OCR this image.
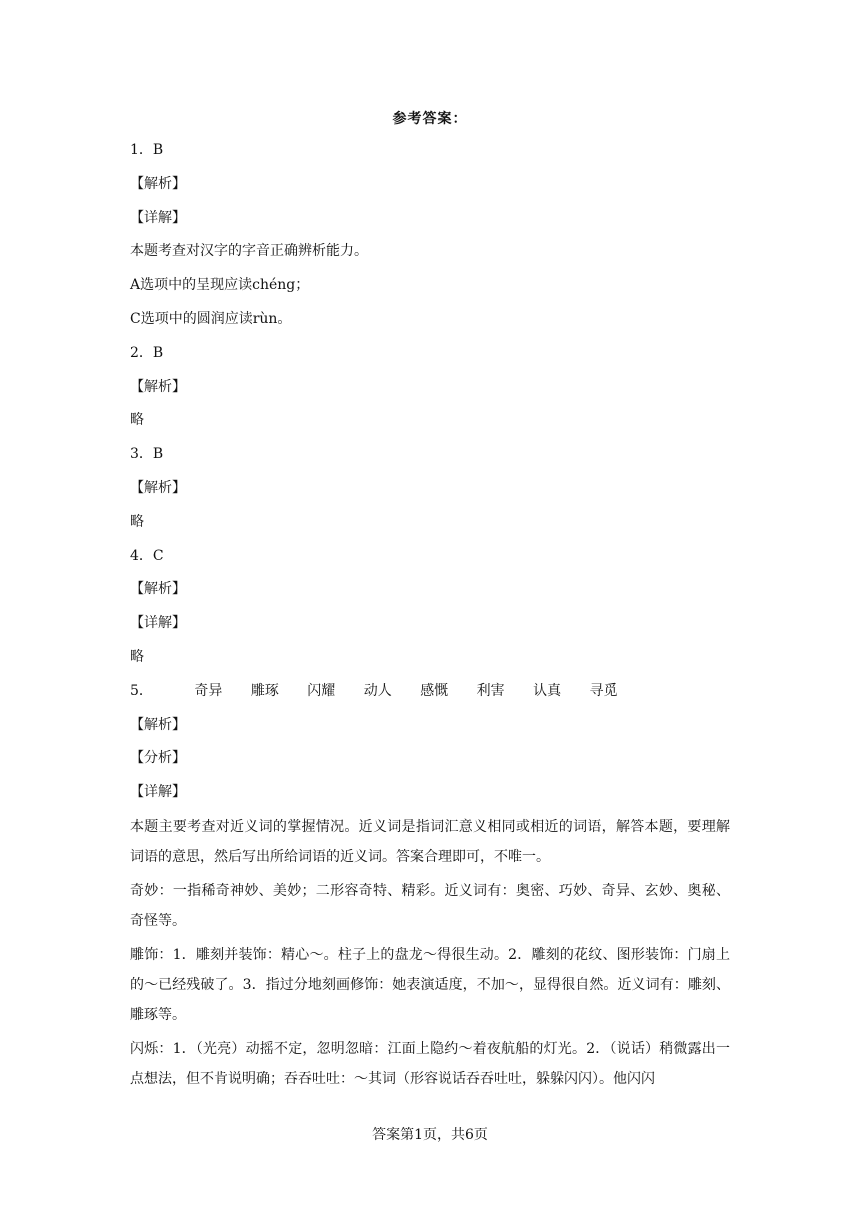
参考答案：
1．B
【解析】
【详解】
本题考查对汉字的字音正确辨析能力。
A选项中的呈现应读chéng；
C选项中的圆润应读rùn。
2．B
【解析】
略
3．B
【解析】
略
4．C
【解析】
【详解】
略
5．	奇异 雕琢 闪耀 动人 感慨 利害 认真 寻觅
【解析】
【分析】
【详解】
本题主要考查对近义词的掌握情况。近义词是指词汇意义相同或相近的词语，解答本题，要理解词语的意思，然后写出所给词语的近义词。答案合理即可，不唯一。
奇妙：一指稀奇神妙、美妙；二形容奇特、精彩。近义词有：奥密、巧妙、奇异、玄妙、奥秘、奇怪等。
雕饰：1．雕刻并装饰：精心～。柱子上的盘龙～得很生动。2．雕刻的花纹、图形装饰：门扇上的～已经残破了。3．指过分地刻画修饰：她表演适度，不加～，显得很自然。近义词有：雕刻、雕琢等。
闪烁：1．（光亮）动摇不定，忽明忽暗：江面上隐约～着夜航船的灯光。2．（说话）稍微露出一点想法，但不肯说明确；吞吞吐吐：～其词（形容说话吞吞吐吐，躲躲闪闪）。他闪闪
答案第1页，共6页
